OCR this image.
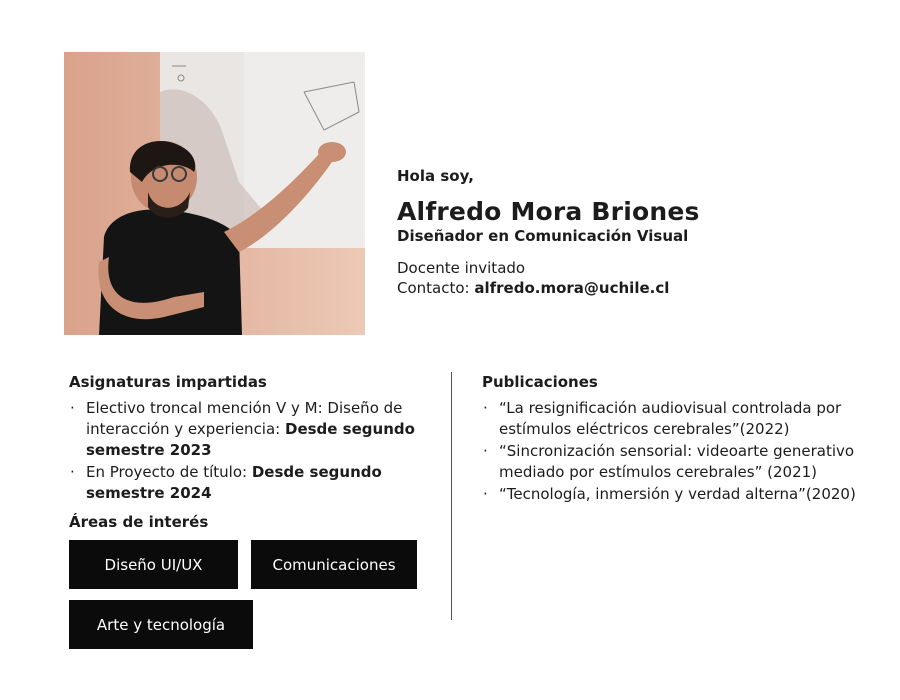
Hola soy,

Alfredo Mora Briones

Diseñador en Comunicación Visual

Docente invitado

Contacto: alfredo.mora@uchile.cl

Asignaturas impartidas
· Electivo troncal mención V y M: Diseño de interacción y experiencia: Desde segundo semestre 2023
· En Proyecto de título: Desde segundo semestre 2024
Áreas de interés
Diseño UI/UX	Comunicaciones
Arte y tecnología
Publicaciones
· “La resignificación audiovisual controlada por estímulos eléctricos cerebrales”(2022)
· “Sincronización sensorial: videoarte generativo mediado por estímulos cerebrales” (2021)
· “Tecnología, inmersión y verdad alterna”(2020)
